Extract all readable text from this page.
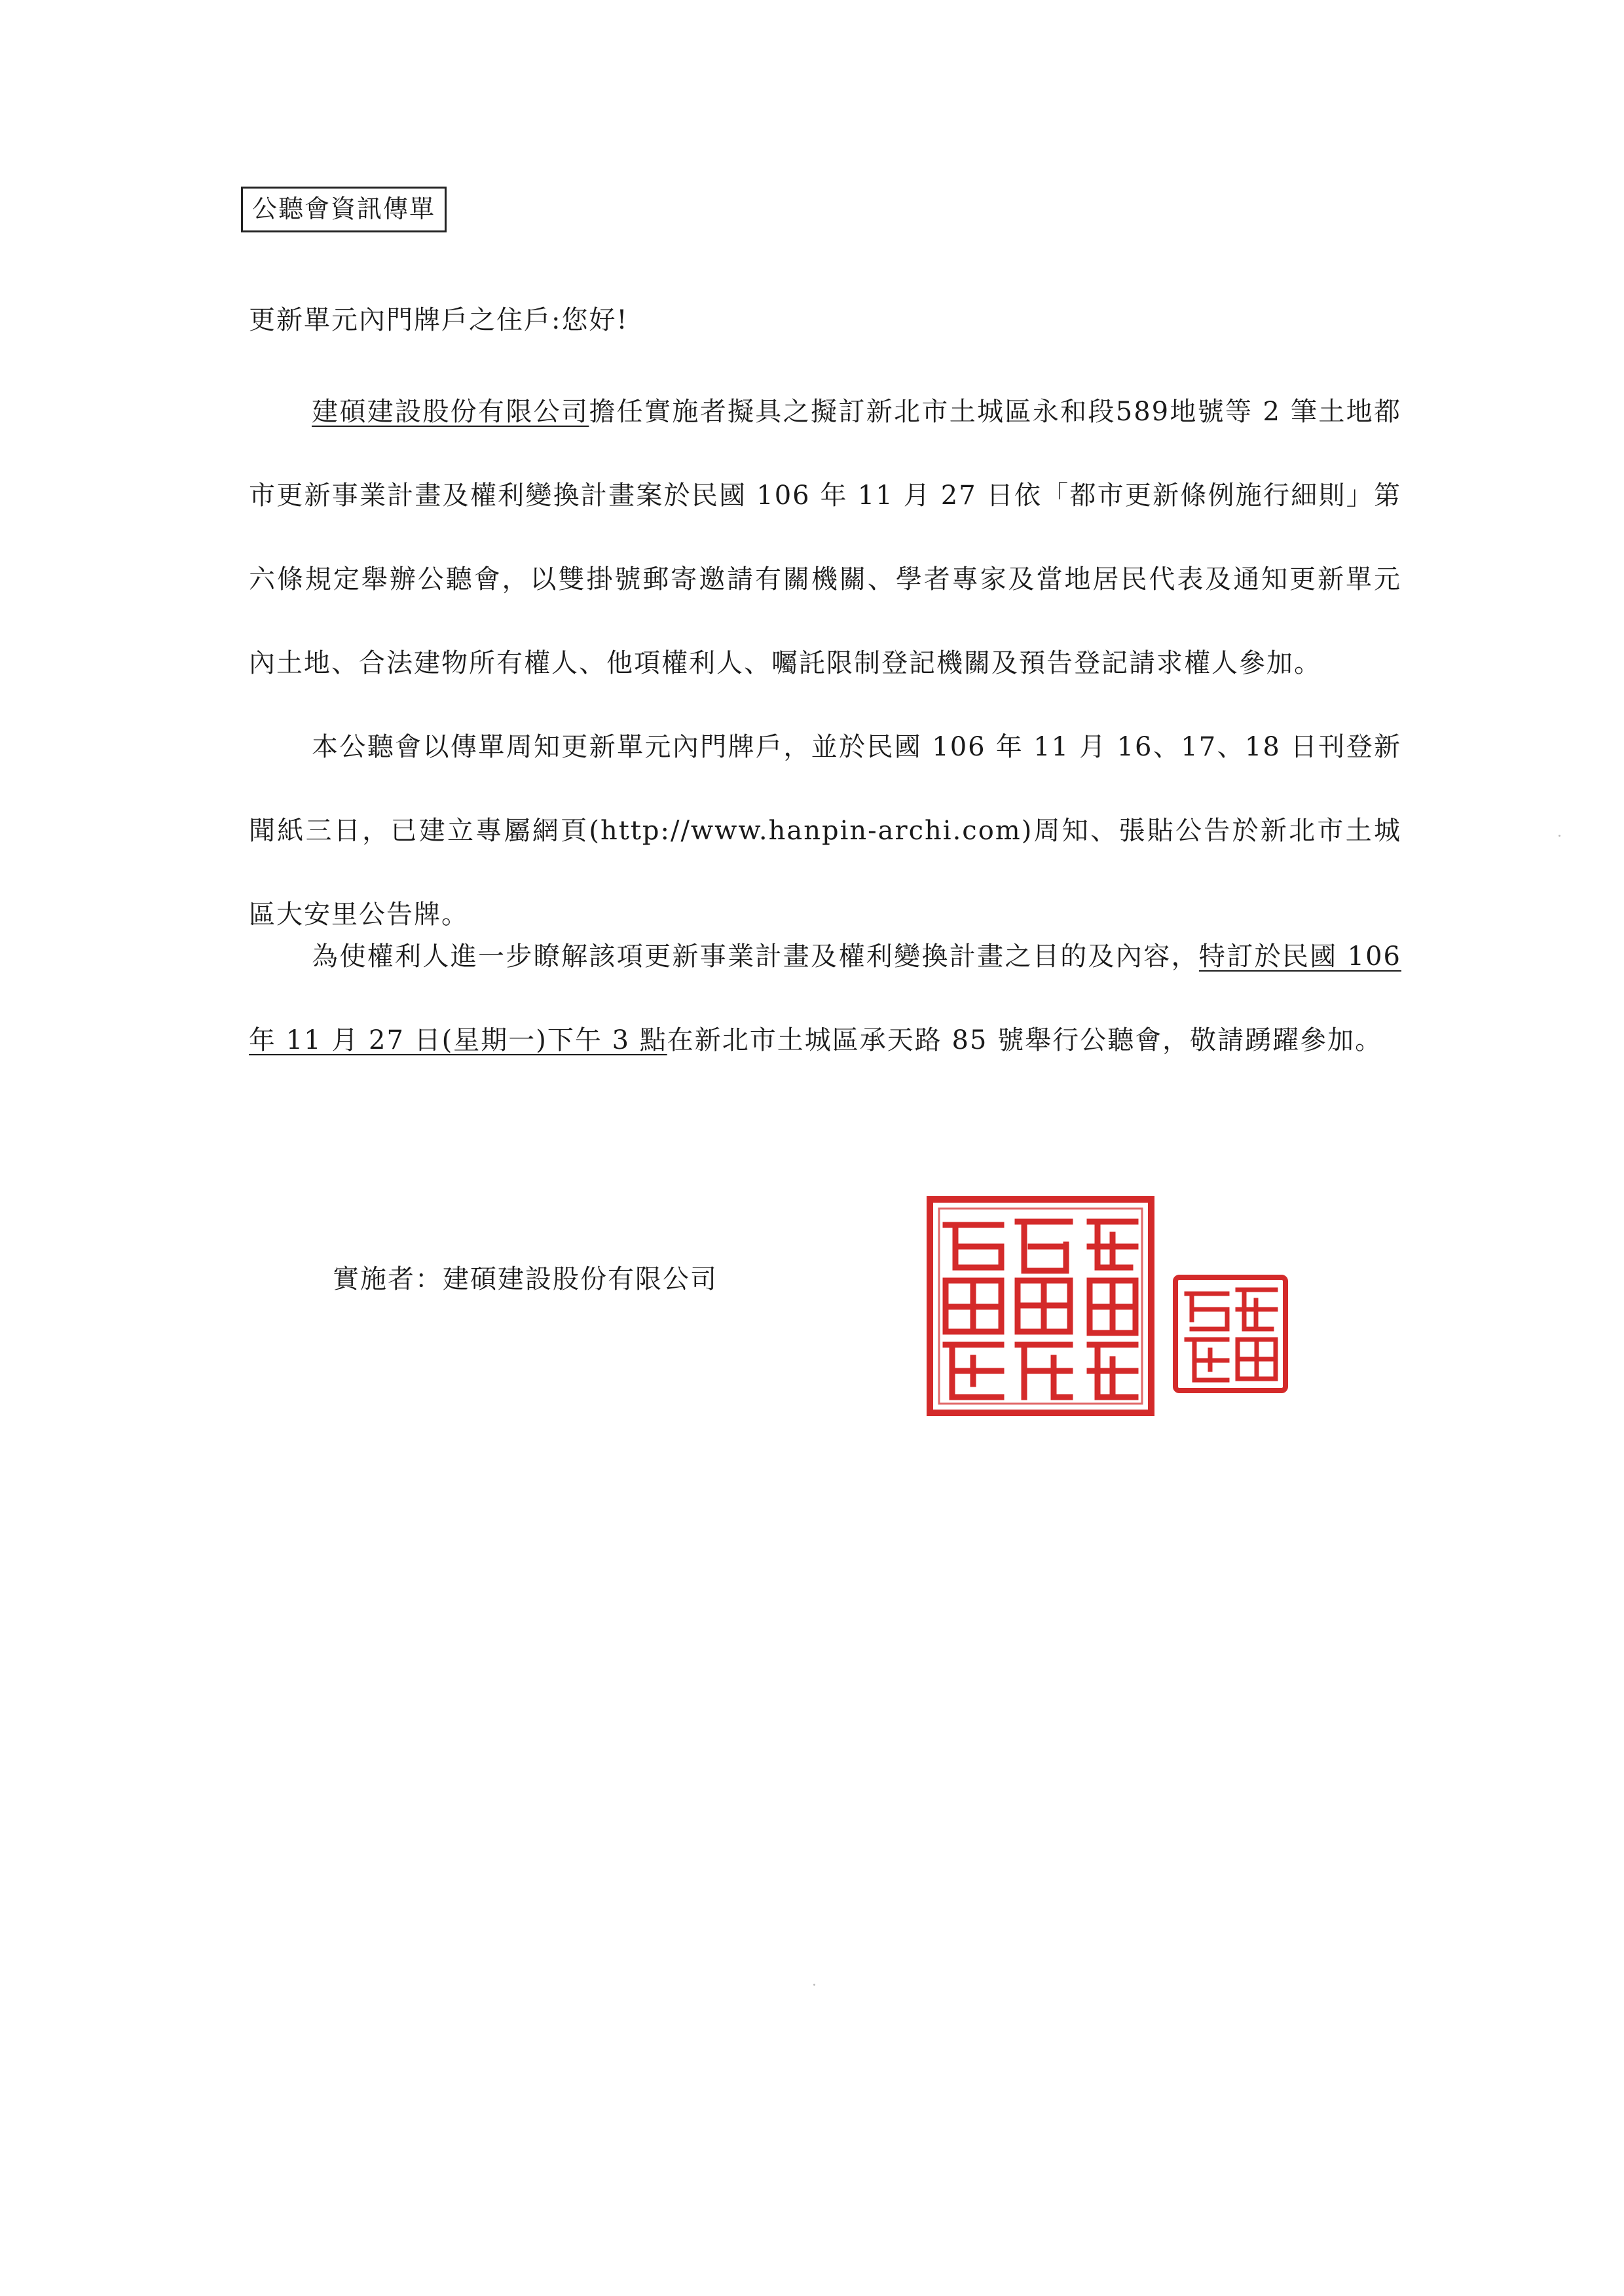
公聽會資訊傳單
更新單元內門牌戶之住戶:您好!
建碩建設股份有限公司擔任實施者擬具之擬訂新北市土城區永和段589地號等 2 筆土地都市更新事業計畫及權利變換計畫案於民國 106 年 11 月 27 日依「都市更新條例施行細則」第六條規定舉辦公聽會，以雙掛號郵寄邀請有關機關、學者專家及當地居民代表及通知更新單元內土地、合法建物所有權人、他項權利人、囑託限制登記機關及預告登記請求權人參加。
本公聽會以傳單周知更新單元內門牌戶，並於民國 106 年 11 月 16、17、18 日刊登新聞紙三日，已建立專屬網頁(http://www.hanpin-archi.com)周知、張貼公告於新北市土城區大安里公告牌。
為使權利人進一步瞭解該項更新事業計畫及權利變換計畫之目的及內容，特訂於民國 106 年 11 月 27 日(星期一)下午 3 點在新北市土城區承天路 85 號舉行公聽會，敬請踴躍參加。
實施者：建碩建設股份有限公司
